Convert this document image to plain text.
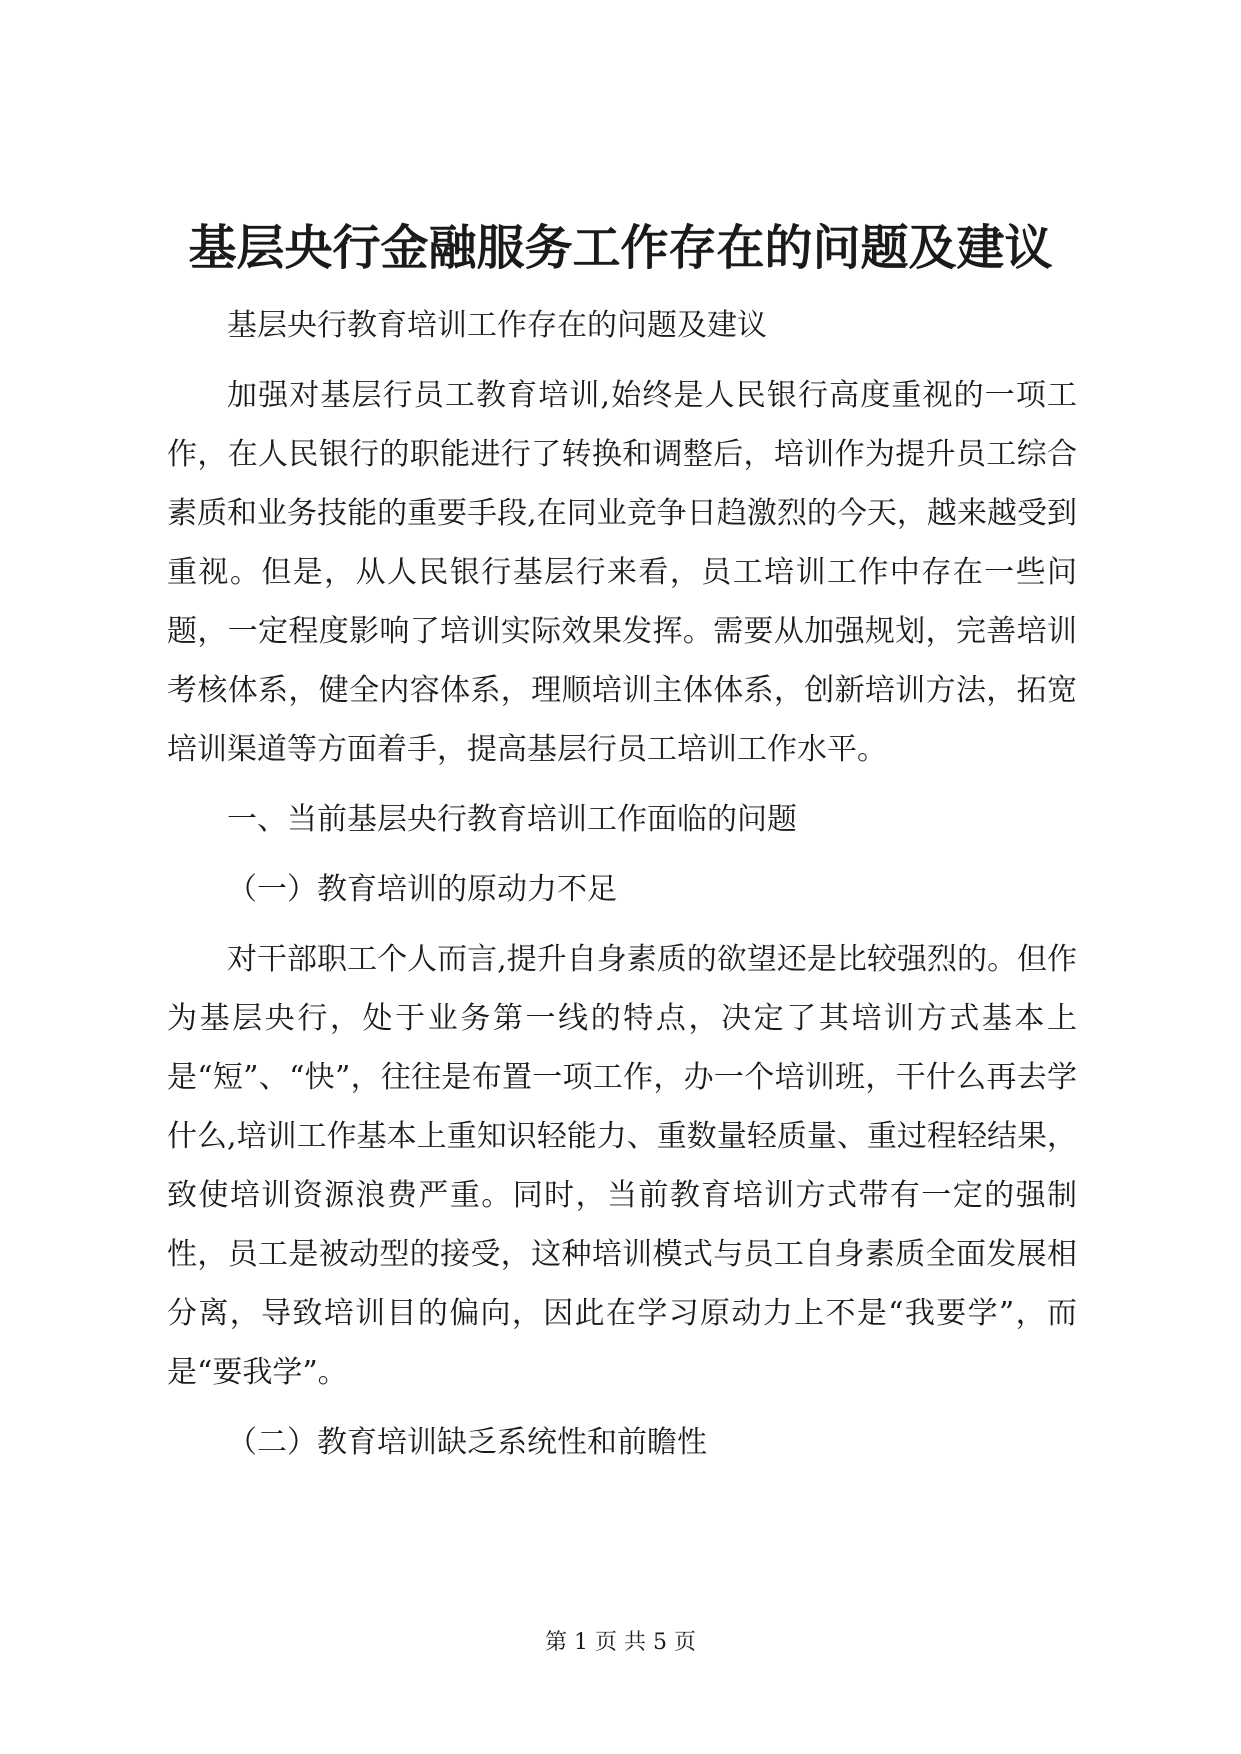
基层央行金融服务工作存在的问题及建议

基层央行教育培训工作存在的问题及建议

加强对基层行员工教育培训,始终是人民银行高度重视的一项工作，在人民银行的职能进行了转换和调整后，培训作为提升员工综合素质和业务技能的重要手段,在同业竞争日趋激烈的今天，越来越受到重视。但是，从人民银行基层行来看，员工培训工作中存在一些问题，一定程度影响了培训实际效果发挥。需要从加强规划，完善培训考核体系，健全内容体系，理顺培训主体体系，创新培训方法，拓宽培训渠道等方面着手，提高基层行员工培训工作水平。

一、当前基层央行教育培训工作面临的问题

（一）教育培训的原动力不足

对干部职工个人而言,提升自身素质的欲望还是比较强烈的。但作为基层央行，处于业务第一线的特点，决定了其培训方式基本上是“短”、“快”，往往是布置一项工作，办一个培训班，干什么再去学什么,培训工作基本上重知识轻能力、重数量轻质量、重过程轻结果，致使培训资源浪费严重。同时，当前教育培训方式带有一定的强制性，员工是被动型的接受，这种培训模式与员工自身素质全面发展相分离，导致培训目的偏向，因此在学习原动力上不是“我要学”，而是“要我学”。

（二）教育培训缺乏系统性和前瞻性

第 1 页 共 5 页
